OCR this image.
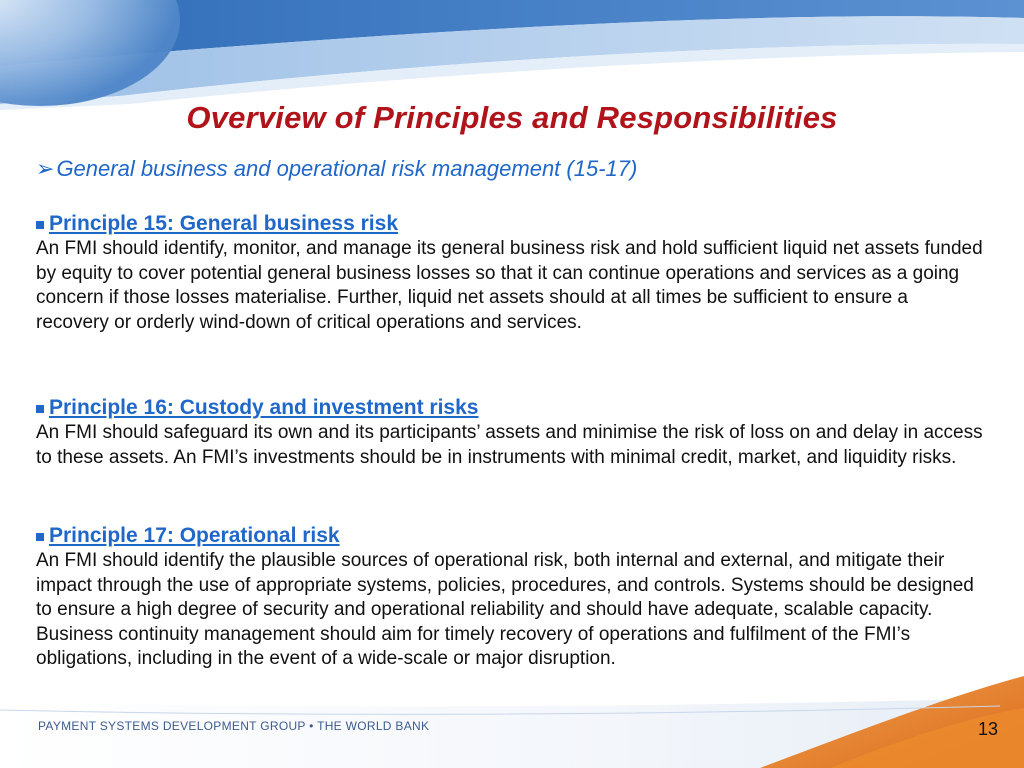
Overview of Principles and Responsibilities
➢General business and operational risk management (15-17)
Principle 15: General business risk
An FMI should identify, monitor, and manage its general business risk and hold sufficient liquid net assets funded by equity to cover potential general business losses so that it can continue operations and services as a going concern if those losses materialise. Further, liquid net assets should at all times be sufficient to ensure a recovery or orderly wind-down of critical operations and services.
Principle 16: Custody and investment risks
An FMI should safeguard its own and its participants’ assets and minimise the risk of loss on and delay in access to these assets. An FMI’s investments should be in instruments with minimal credit, market, and liquidity risks.
Principle 17: Operational risk
An FMI should identify the plausible sources of operational risk, both internal and external, and mitigate their impact through the use of appropriate systems, policies, procedures, and controls. Systems should be designed to ensure a high degree of security and operational reliability and should have adequate, scalable capacity. Business continuity management should aim for timely recovery of operations and fulfilment of the FMI’s obligations, including in the event of a wide-scale or major disruption.
PAYMENT SYSTEMS DEVELOPMENT GROUP • THE WORLD BANK	13
